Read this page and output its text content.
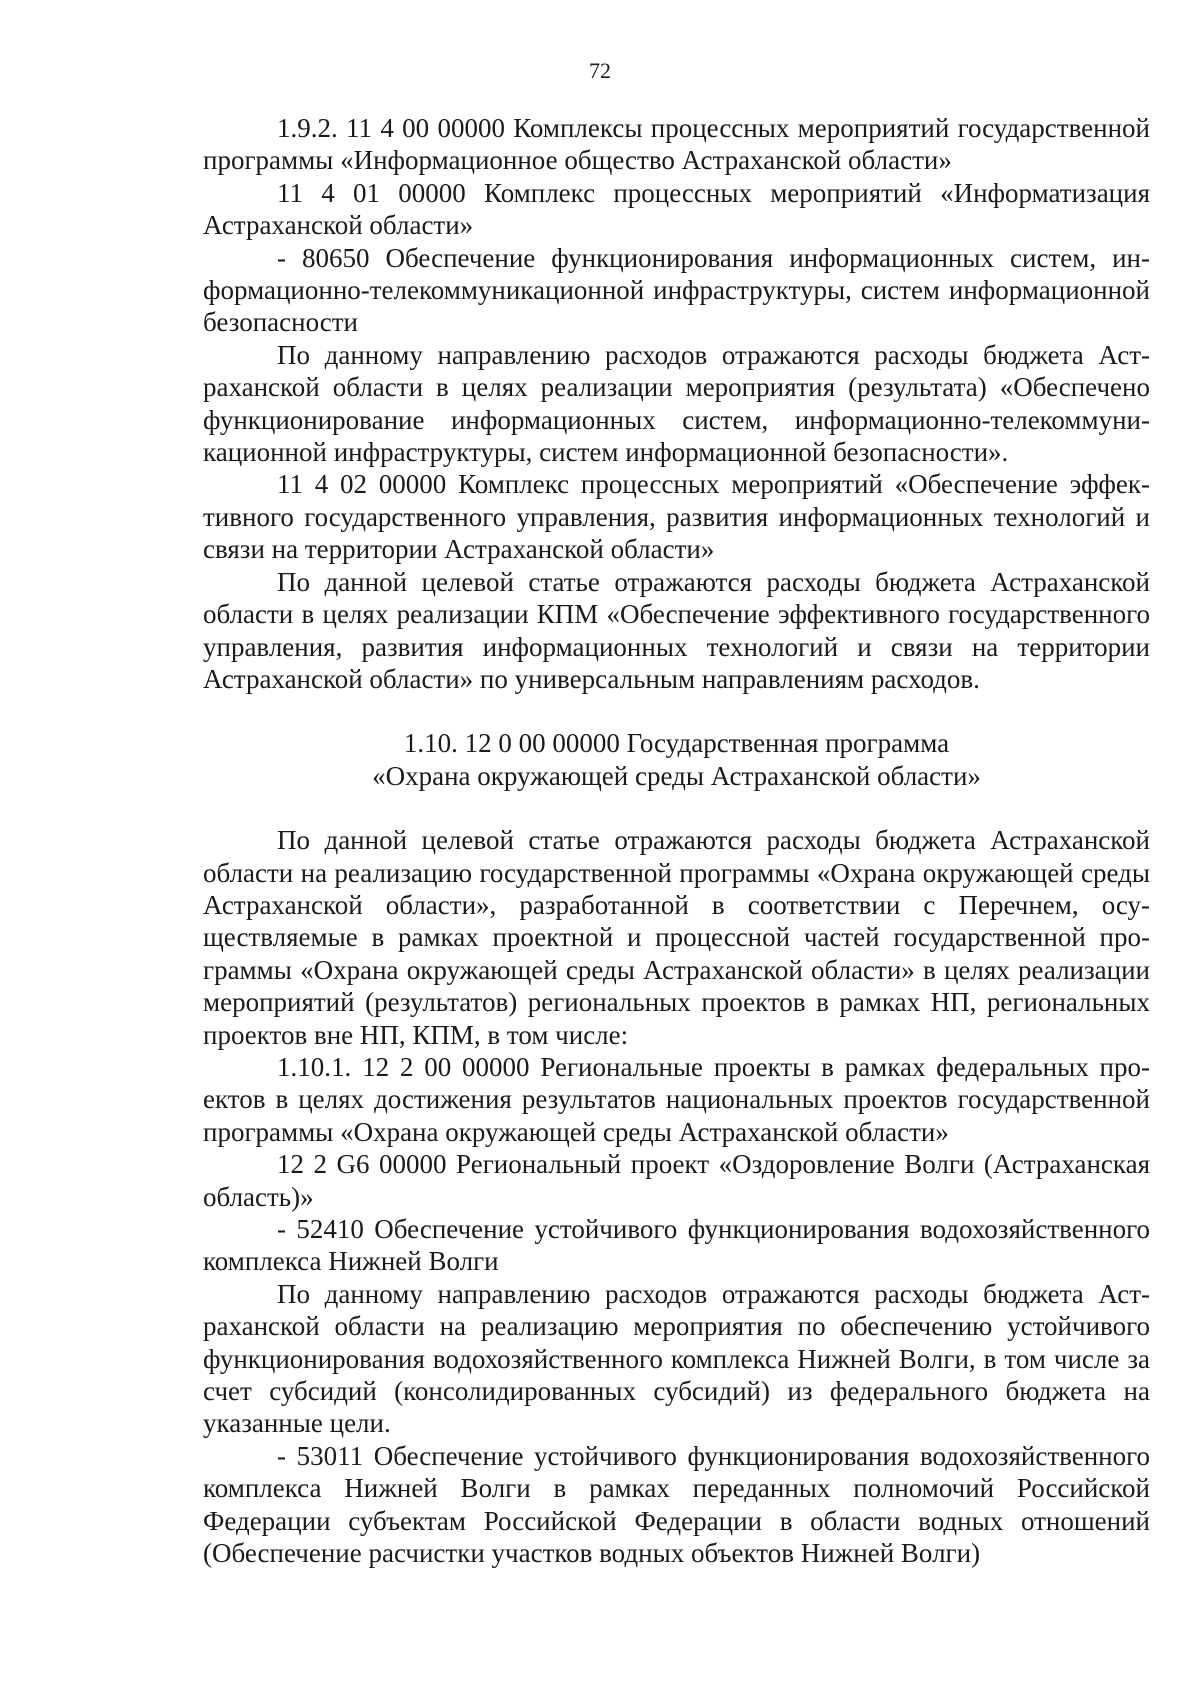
72

1.9.2. 11 4 00 00000 Комплексы процессных мероприятий государственной программы «Информационное общество Астраханской области»

11 4 01 00000 Комплекс процессных мероприятий «Информатизация Астраханской области»

- 80650 Обеспечение функционирования информационных систем, информационно-телекоммуникационной инфраструктуры, систем информационной безопасности

По данному направлению расходов отражаются расходы бюджета Астраханской области в целях реализации мероприятия (результата) «Обеспечено функционирование информационных систем, информационно-телекоммуникационной инфраструктуры, систем информационной безопасности».

11 4 02 00000 Комплекс процессных мероприятий «Обеспечение эффективного государственного управления, развития информационных технологий и связи на территории Астраханской области»

По данной целевой статье отражаются расходы бюджета Астраханской области в целях реализации КПМ «Обеспечение эффективного государственного управления, развития информационных технологий и связи на территории Астраханской области» по универсальным направлениям расходов.

1.10. 12 0 00 00000 Государственная программа

«Охрана окружающей среды Астраханской области»

По данной целевой статье отражаются расходы бюджета Астраханской области на реализацию государственной программы «Охрана окружающей среды Астраханской области», разработанной в соответствии с Перечнем, осуществляемые в рамках проектной и процессной частей государственной программы «Охрана окружающей среды Астраханской области» в целях реализации мероприятий (результатов) региональных проектов в рамках НП, региональных проектов вне НП, КПМ, в том числе:

1.10.1. 12 2 00 00000 Региональные проекты в рамках федеральных проектов в целях достижения результатов национальных проектов государственной программы «Охрана окружающей среды Астраханской области»

12 2 G6 00000 Региональный проект «Оздоровление Волги (Астраханская область)»

- 52410 Обеспечение устойчивого функционирования водохозяйственного комплекса Нижней Волги

По данному направлению расходов отражаются расходы бюджета Астраханской области на реализацию мероприятия по обеспечению устойчивого функционирования водохозяйственного комплекса Нижней Волги, в том числе за счет субсидий (консолидированных субсидий) из федерального бюджета на указанные цели.

- 53011 Обеспечение устойчивого функционирования водохозяйственного комплекса Нижней Волги в рамках переданных полномочий Российской Федерации субъектам Российской Федерации в области водных отношений (Обеспечение расчистки участков водных объектов Нижней Волги)
